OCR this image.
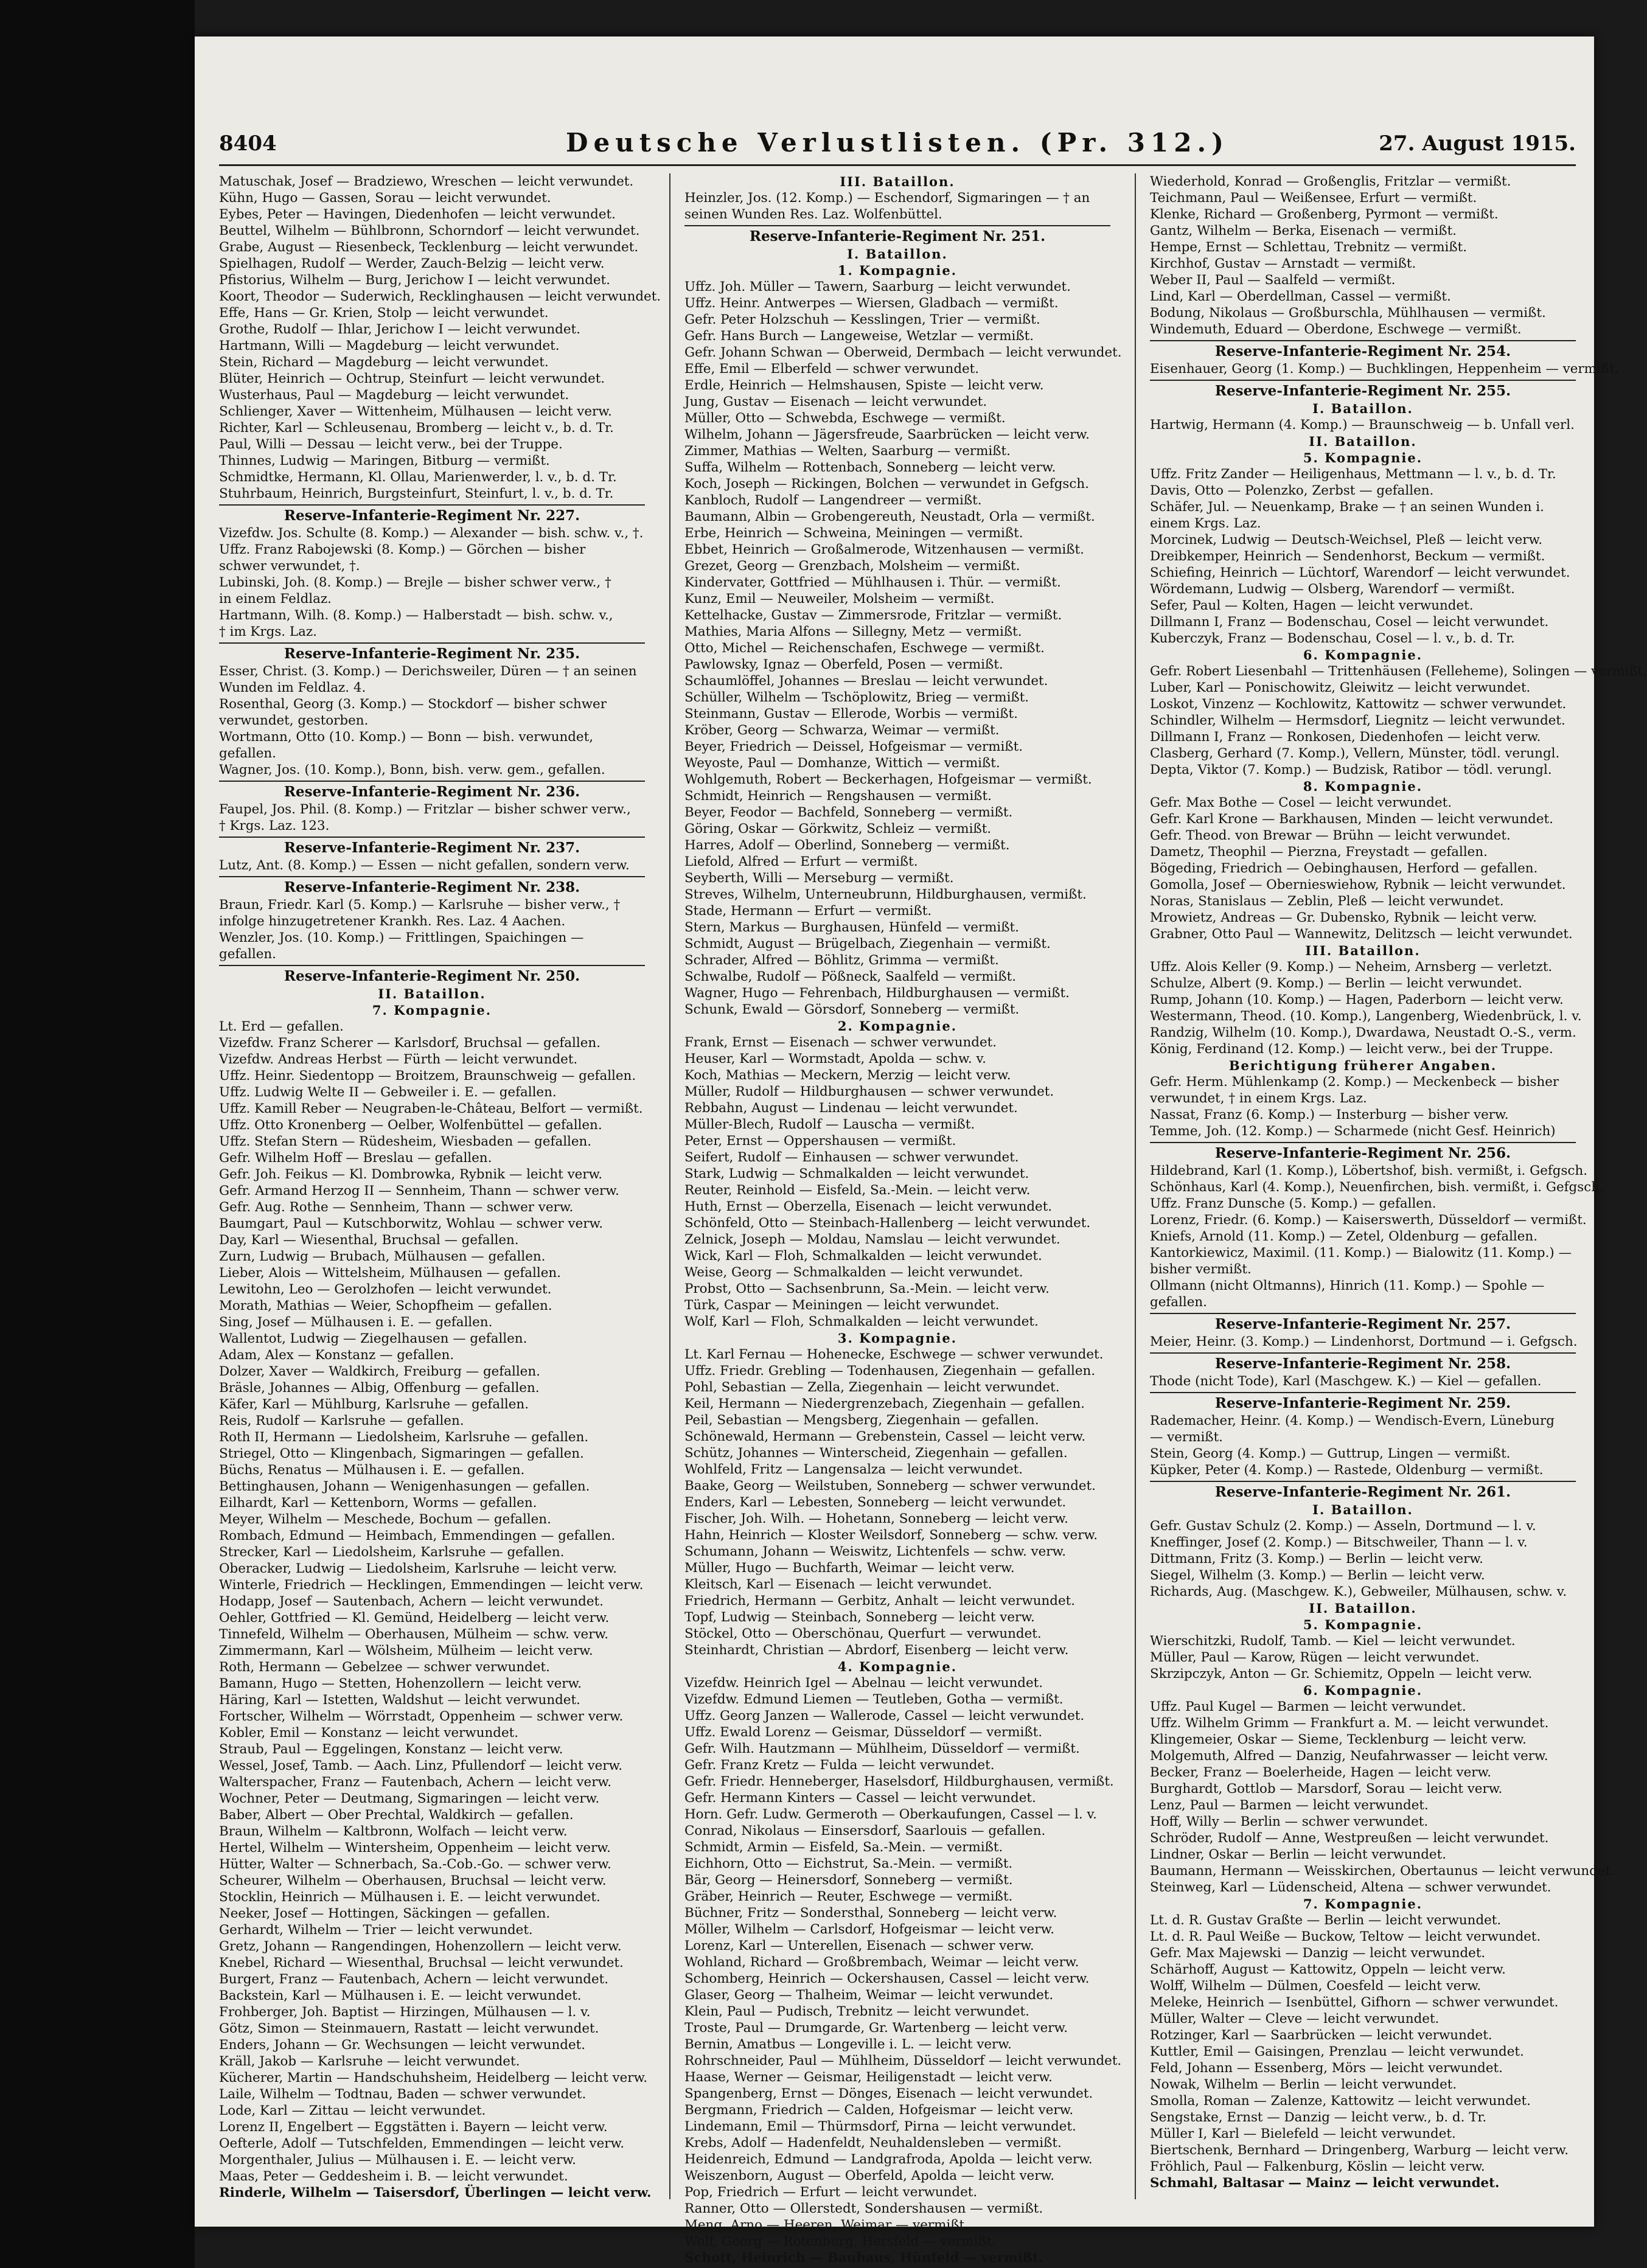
8404	Deutsche Verlustlisten. (Pr. 312.)	27. August 1915.
Matuschak, Josef — Bradziewo, Wreschen — leicht verwundet.
Kühn, Hugo — Gassen, Sorau — leicht verwundet.
Eybes, Peter — Havingen, Diedenhofen — leicht verwundet.
Beuttel, Wilhelm — Bühlbronn, Schorndorf — leicht verwundet.
Grabe, August — Riesenbeck, Tecklenburg — leicht verwundet.
Spielhagen, Rudolf — Werder, Zauch-Belzig — leicht verw.
Pfistorius, Wilhelm — Burg, Jerichow I — leicht verwundet.
Koort, Theodor — Suderwich, Recklinghausen — leicht verwundet.
Effe, Hans — Gr. Krien, Stolp — leicht verwundet.
Grothe, Rudolf — Ihlar, Jerichow I — leicht verwundet.
Hartmann, Willi — Magdeburg — leicht verwundet.
Stein, Richard — Magdeburg — leicht verwundet.
Blüter, Heinrich — Ochtrup, Steinfurt — leicht verwundet.
Wusterhaus, Paul — Magdeburg — leicht verwundet.
Schlienger, Xaver — Wittenheim, Mülhausen — leicht verw.
Richter, Karl — Schleusenau, Bromberg — leicht v., b. d. Tr.
Paul, Willi — Dessau — leicht verw., bei der Truppe.
Thinnes, Ludwig — Maringen, Bitburg — vermißt.
Schmidtke, Hermann, Kl. Ollau, Marienwerder, l. v., b. d. Tr.
Stuhrbaum, Heinrich, Burgsteinfurt, Steinfurt, l. v., b. d. Tr.
Reserve-Infanterie-Regiment Nr. 227.
Vizefdw. Jos. Schulte (8. Komp.) — Alexander — bish. schw. v., †.
Uffz. Franz Rabojewski (8. Komp.) — Görchen — bisher
schwer verwundet, †.
Lubinski, Joh. (8. Komp.) — Brejle — bisher schwer verw., †
in einem Feldlaz.
Hartmann, Wilh. (8. Komp.) — Halberstadt — bish. schw. v.,
† im Krgs. Laz.
Reserve-Infanterie-Regiment Nr. 235.
Esser, Christ. (3. Komp.) — Derichsweiler, Düren — † an seinen
Wunden im Feldlaz. 4.
Rosenthal, Georg (3. Komp.) — Stockdorf — bisher schwer
verwundet, gestorben.
Wortmann, Otto (10. Komp.) — Bonn — bish. verwundet,
gefallen.
Wagner, Jos. (10. Komp.), Bonn, bish. verw. gem., gefallen.
Reserve-Infanterie-Regiment Nr. 236.
Faupel, Jos. Phil. (8. Komp.) — Fritzlar — bisher schwer verw.,
† Krgs. Laz. 123.
Reserve-Infanterie-Regiment Nr. 237.
Lutz, Ant. (8. Komp.) — Essen — nicht gefallen, sondern verw.
Reserve-Infanterie-Regiment Nr. 238.
Braun, Friedr. Karl (5. Komp.) — Karlsruhe — bisher verw., †
infolge hinzugetretener Krankh. Res. Laz. 4 Aachen.
Wenzler, Jos. (10. Komp.) — Frittlingen, Spaichingen —
gefallen.
Reserve-Infanterie-Regiment Nr. 250.
II. Bataillon.
7. Kompagnie.
Lt. Erd — gefallen.
Vizefdw. Franz Scherer — Karlsdorf, Bruchsal — gefallen.
Vizefdw. Andreas Herbst — Fürth — leicht verwundet.
Uffz. Heinr. Siedentopp — Broitzem, Braunschweig — gefallen.
Uffz. Ludwig Welte II — Gebweiler i. E. — gefallen.
Uffz. Kamill Reber — Neugraben-le-Château, Belfort — vermißt.
Uffz. Otto Kronenberg — Oelber, Wolfenbüttel — gefallen.
Uffz. Stefan Stern — Rüdesheim, Wiesbaden — gefallen.
Gefr. Wilhelm Hoff — Breslau — gefallen.
Gefr. Joh. Feikus — Kl. Dombrowka, Rybnik — leicht verw.
Gefr. Armand Herzog II — Sennheim, Thann — schwer verw.
Gefr. Aug. Rothe — Sennheim, Thann — schwer verw.
Baumgart, Paul — Kutschborwitz, Wohlau — schwer verw.
Day, Karl — Wiesenthal, Bruchsal — gefallen.
Zurn, Ludwig — Brubach, Mülhausen — gefallen.
Lieber, Alois — Wittelsheim, Mülhausen — gefallen.
Lewitohn, Leo — Gerolzhofen — leicht verwundet.
Morath, Mathias — Weier, Schopfheim — gefallen.
Sing, Josef — Mülhausen i. E. — gefallen.
Wallentot, Ludwig — Ziegelhausen — gefallen.
Adam, Alex — Konstanz — gefallen.
Dolzer, Xaver — Waldkirch, Freiburg — gefallen.
Bräsle, Johannes — Albig, Offenburg — gefallen.
Käfer, Karl — Mühlburg, Karlsruhe — gefallen.
Reis, Rudolf — Karlsruhe — gefallen.
Roth II, Hermann — Liedolsheim, Karlsruhe — gefallen.
Striegel, Otto — Klingenbach, Sigmaringen — gefallen.
Büchs, Renatus — Mülhausen i. E. — gefallen.
Bettinghausen, Johann — Wenigenhasungen — gefallen.
Eilhardt, Karl — Kettenborn, Worms — gefallen.
Meyer, Wilhelm — Meschede, Bochum — gefallen.
Rombach, Edmund — Heimbach, Emmendingen — gefallen.
Strecker, Karl — Liedolsheim, Karlsruhe — gefallen.
Oberacker, Ludwig — Liedolsheim, Karlsruhe — leicht verw.
Winterle, Friedrich — Hecklingen, Emmendingen — leicht verw.
Hodapp, Josef — Sautenbach, Achern — leicht verwundet.
Oehler, Gottfried — Kl. Gemünd, Heidelberg — leicht verw.
Tinnefeld, Wilhelm — Oberhausen, Mülheim — schw. verw.
Zimmermann, Karl — Wölsheim, Mülheim — leicht verw.
Roth, Hermann — Gebelzee — schwer verwundet.
Bamann, Hugo — Stetten, Hohenzollern — leicht verw.
Häring, Karl — Istetten, Waldshut — leicht verwundet.
Fortscher, Wilhelm — Wörrstadt, Oppenheim — schwer verw.
Kobler, Emil — Konstanz — leicht verwundet.
Straub, Paul — Eggelingen, Konstanz — leicht verw.
Wessel, Josef, Tamb. — Aach. Linz, Pfullendorf — leicht verw.
Walterspacher, Franz — Fautenbach, Achern — leicht verw.
Wochner, Peter — Deutmang, Sigmaringen — leicht verw.
Baber, Albert — Ober Prechtal, Waldkirch — gefallen.
Braun, Wilhelm — Kaltbronn, Wolfach — leicht verw.
Hertel, Wilhelm — Wintersheim, Oppenheim — leicht verw.
Hütter, Walter — Schnerbach, Sa.-Cob.-Go. — schwer verw.
Scheurer, Wilhelm — Oberhausen, Bruchsal — leicht verw.
Stocklin, Heinrich — Mülhausen i. E. — leicht verwundet.
Neeker, Josef — Hottingen, Säckingen — gefallen.
Gerhardt, Wilhelm — Trier — leicht verwundet.
Gretz, Johann — Rangendingen, Hohenzollern — leicht verw.
Knebel, Richard — Wiesenthal, Bruchsal — leicht verwundet.
Burgert, Franz — Fautenbach, Achern — leicht verwundet.
Backstein, Karl — Mülhausen i. E. — leicht verwundet.
Frohberger, Joh. Baptist — Hirzingen, Mülhausen — l. v.
Götz, Simon — Steinmauern, Rastatt — leicht verwundet.
Enders, Johann — Gr. Wechsungen — leicht verwundet.
Kräll, Jakob — Karlsruhe — leicht verwundet.
Kücherer, Martin — Handschuhsheim, Heidelberg — leicht verw.
Laile, Wilhelm — Todtnau, Baden — schwer verwundet.
Lode, Karl — Zittau — leicht verwundet.
Lorenz II, Engelbert — Eggstätten i. Bayern — leicht verw.
Oefterle, Adolf — Tutschfelden, Emmendingen — leicht verw.
Morgenthaler, Julius — Mülhausen i. E. — leicht verw.
Maas, Peter — Geddesheim i. B. — leicht verwundet.
Rinderle, Wilhelm — Taisersdorf, Überlingen — leicht verw.
III. Bataillon.
Heinzler, Jos. (12. Komp.) — Eschendorf, Sigmaringen — † an
seinen Wunden Res. Laz. Wolfenbüttel.
Reserve-Infanterie-Regiment Nr. 251.
I. Bataillon.
1. Kompagnie.
Uffz. Joh. Müller — Tawern, Saarburg — leicht verwundet.
Uffz. Heinr. Antwerpes — Wiersen, Gladbach — vermißt.
Gefr. Peter Holzschuh — Kesslingen, Trier — vermißt.
Gefr. Hans Burch — Langeweise, Wetzlar — vermißt.
Gefr. Johann Schwan — Oberweid, Dermbach — leicht verwundet.
Effe, Emil — Elberfeld — schwer verwundet.
Erdle, Heinrich — Helmshausen, Spiste — leicht verw.
Jung, Gustav — Eisenach — leicht verwundet.
Müller, Otto — Schwebda, Eschwege — vermißt.
Wilhelm, Johann — Jägersfreude, Saarbrücken — leicht verw.
Zimmer, Mathias — Welten, Saarburg — vermißt.
Suffa, Wilhelm — Rottenbach, Sonneberg — leicht verw.
Koch, Joseph — Rickingen, Bolchen — verwundet in Gefgsch.
Kanbloch, Rudolf — Langendreer — vermißt.
Baumann, Albin — Grobengereuth, Neustadt, Orla — vermißt.
Erbe, Heinrich — Schweina, Meiningen — vermißt.
Ebbet, Heinrich — Großalmerode, Witzenhausen — vermißt.
Grezet, Georg — Grenzbach, Molsheim — vermißt.
Kindervater, Gottfried — Mühlhausen i. Thür. — vermißt.
Kunz, Emil — Neuweiler, Molsheim — vermißt.
Kettelhacke, Gustav — Zimmersrode, Fritzlar — vermißt.
Mathies, Maria Alfons — Sillegny, Metz — vermißt.
Otto, Michel — Reichenschafen, Eschwege — vermißt.
Pawlowsky, Ignaz — Oberfeld, Posen — vermißt.
Schaumlöffel, Johannes — Breslau — leicht verwundet.
Schüller, Wilhelm — Tschöplowitz, Brieg — vermißt.
Steinmann, Gustav — Ellerode, Worbis — vermißt.
Kröber, Georg — Schwarza, Weimar — vermißt.
Beyer, Friedrich — Deissel, Hofgeismar — vermißt.
Weyoste, Paul — Domhanze, Wittich — vermißt.
Wohlgemuth, Robert — Beckerhagen, Hofgeismar — vermißt.
Schmidt, Heinrich — Rengshausen — vermißt.
Beyer, Feodor — Bachfeld, Sonneberg — vermißt.
Göring, Oskar — Görkwitz, Schleiz — vermißt.
Harres, Adolf — Oberlind, Sonneberg — vermißt.
Liefold, Alfred — Erfurt — vermißt.
Seyberth, Willi — Merseburg — vermißt.
Streves, Wilhelm, Unterneubrunn, Hildburghausen, vermißt.
Stade, Hermann — Erfurt — vermißt.
Stern, Markus — Burghausen, Hünfeld — vermißt.
Schmidt, August — Brügelbach, Ziegenhain — vermißt.
Schrader, Alfred — Böhlitz, Grimma — vermißt.
Schwalbe, Rudolf — Pößneck, Saalfeld — vermißt.
Wagner, Hugo — Fehrenbach, Hildburghausen — vermißt.
Schunk, Ewald — Görsdorf, Sonneberg — vermißt.
2. Kompagnie.
Frank, Ernst — Eisenach — schwer verwundet.
Heuser, Karl — Wormstadt, Apolda — schw. v.
Koch, Mathias — Meckern, Merzig — leicht verw.
Müller, Rudolf — Hildburghausen — schwer verwundet.
Rebbahn, August — Lindenau — leicht verwundet.
Müller-Blech, Rudolf — Lauscha — vermißt.
Peter, Ernst — Oppershausen — vermißt.
Seifert, Rudolf — Einhausen — schwer verwundet.
Stark, Ludwig — Schmalkalden — leicht verwundet.
Reuter, Reinhold — Eisfeld, Sa.-Mein. — leicht verw.
Huth, Ernst — Oberzella, Eisenach — leicht verwundet.
Schönfeld, Otto — Steinbach-Hallenberg — leicht verwundet.
Zelnick, Joseph — Moldau, Namslau — leicht verwundet.
Wick, Karl — Floh, Schmalkalden — leicht verwundet.
Weise, Georg — Schmalkalden — leicht verwundet.
Probst, Otto — Sachsenbrunn, Sa.-Mein. — leicht verw.
Türk, Caspar — Meiningen — leicht verwundet.
Wolf, Karl — Floh, Schmalkalden — leicht verwundet.
3. Kompagnie.
Lt. Karl Fernau — Hohenecke, Eschwege — schwer verwundet.
Uffz. Friedr. Grebling — Todenhausen, Ziegenhain — gefallen.
Pohl, Sebastian — Zella, Ziegenhain — leicht verwundet.
Keil, Hermann — Niedergrenzebach, Ziegenhain — gefallen.
Peil, Sebastian — Mengsberg, Ziegenhain — gefallen.
Schönewald, Hermann — Grebenstein, Cassel — leicht verw.
Schütz, Johannes — Winterscheid, Ziegenhain — gefallen.
Wohlfeld, Fritz — Langensalza — leicht verwundet.
Baake, Georg — Weilstuben, Sonneberg — schwer verwundet.
Enders, Karl — Lebesten, Sonneberg — leicht verwundet.
Fischer, Joh. Wilh. — Hohetann, Sonneberg — leicht verw.
Hahn, Heinrich — Kloster Weilsdorf, Sonneberg — schw. verw.
Schumann, Johann — Weiswitz, Lichtenfels — schw. verw.
Müller, Hugo — Buchfarth, Weimar — leicht verw.
Kleitsch, Karl — Eisenach — leicht verwundet.
Friedrich, Hermann — Gerbitz, Anhalt — leicht verwundet.
Topf, Ludwig — Steinbach, Sonneberg — leicht verw.
Stöckel, Otto — Oberschönau, Querfurt — verwundet.
Steinhardt, Christian — Abrdorf, Eisenberg — leicht verw.
4. Kompagnie.
Vizefdw. Heinrich Igel — Abelnau — leicht verwundet.
Vizefdw. Edmund Liemen — Teutleben, Gotha — vermißt.
Uffz. Georg Janzen — Wallerode, Cassel — leicht verwundet.
Uffz. Ewald Lorenz — Geismar, Düsseldorf — vermißt.
Gefr. Wilh. Hautzmann — Mühlheim, Düsseldorf — vermißt.
Gefr. Franz Kretz — Fulda — leicht verwundet.
Gefr. Friedr. Henneberger, Haselsdorf, Hildburghausen, vermißt.
Gefr. Hermann Kinters — Cassel — leicht verwundet.
Horn. Gefr. Ludw. Germeroth — Oberkaufungen, Cassel — l. v.
Conrad, Nikolaus — Einsersdorf, Saarlouis — gefallen.
Schmidt, Armin — Eisfeld, Sa.-Mein. — vermißt.
Eichhorn, Otto — Eichstrut, Sa.-Mein. — vermißt.
Bär, Georg — Heinersdorf, Sonneberg — vermißt.
Gräber, Heinrich — Reuter, Eschwege — vermißt.
Büchner, Fritz — Sondersthal, Sonneberg — leicht verw.
Möller, Wilhelm — Carlsdorf, Hofgeismar — leicht verw.
Lorenz, Karl — Unterellen, Eisenach — schwer verw.
Wohland, Richard — Großbrembach, Weimar — leicht verw.
Schomberg, Heinrich — Ockershausen, Cassel — leicht verw.
Glaser, Georg — Thalheim, Weimar — leicht verwundet.
Klein, Paul — Pudisch, Trebnitz — leicht verwundet.
Troste, Paul — Drumgarde, Gr. Wartenberg — leicht verw.
Bernin, Amatbus — Longeville i. L. — leicht verw.
Rohrschneider, Paul — Mühlheim, Düsseldorf — leicht verwundet.
Haase, Werner — Geismar, Heiligenstadt — leicht verw.
Spangenberg, Ernst — Dönges, Eisenach — leicht verwundet.
Bergmann, Friedrich — Calden, Hofgeismar — leicht verw.
Lindemann, Emil — Thürmsdorf, Pirna — leicht verwundet.
Krebs, Adolf — Hadenfeldt, Neuhaldensleben — vermißt.
Heidenreich, Edmund — Landgrafroda, Apolda — leicht verw.
Weiszenborn, August — Oberfeld, Apolda — leicht verw.
Pop, Friedrich — Erfurt — leicht verwundet.
Ranner, Otto — Ollerstedt, Sondershausen — vermißt.
Meng, Arno — Heeren, Weimar — vermißt.
Wolf, Georg — Rotenburg, Hersfeld — vermißt.
Schott, Heinrich — Bauhaus, Hünfeld — vermißt.
Wiederhold, Konrad — Großenglis, Fritzlar — vermißt.
Teichmann, Paul — Weißensee, Erfurt — vermißt.
Klenke, Richard — Großenberg, Pyrmont — vermißt.
Gantz, Wilhelm — Berka, Eisenach — vermißt.
Hempe, Ernst — Schlettau, Trebnitz — vermißt.
Kirchhof, Gustav — Arnstadt — vermißt.
Weber II, Paul — Saalfeld — vermißt.
Lind, Karl — Oberdellman, Cassel — vermißt.
Bodung, Nikolaus — Großburschla, Mühlhausen — vermißt.
Windemuth, Eduard — Oberdone, Eschwege — vermißt.
Reserve-Infanterie-Regiment Nr. 254.
Eisenhauer, Georg (1. Komp.) — Buchklingen, Heppenheim — vermißt.
Reserve-Infanterie-Regiment Nr. 255.
I. Bataillon.
Hartwig, Hermann (4. Komp.) — Braunschweig — b. Unfall verl.
II. Bataillon.
5. Kompagnie.
Uffz. Fritz Zander — Heiligenhaus, Mettmann — l. v., b. d. Tr.
Davis, Otto — Polenzko, Zerbst — gefallen.
Schäfer, Jul. — Neuenkamp, Brake — † an seinen Wunden i.
einem Krgs. Laz.
Morcinek, Ludwig — Deutsch-Weichsel, Pleß — leicht verw.
Dreibkemper, Heinrich — Sendenhorst, Beckum — vermißt.
Schiefing, Heinrich — Lüchtorf, Warendorf — leicht verwundet.
Wördemann, Ludwig — Olsberg, Warendorf — vermißt.
Sefer, Paul — Kolten, Hagen — leicht verwundet.
Dillmann I, Franz — Bodenschau, Cosel — leicht verwundet.
Kuberczyk, Franz — Bodenschau, Cosel — l. v., b. d. Tr.
6. Kompagnie.
Gefr. Robert Liesenbahl — Trittenhäusen (Felleheme), Solingen — vermißt.
Luber, Karl — Ponischowitz, Gleiwitz — leicht verwundet.
Loskot, Vinzenz — Kochlowitz, Kattowitz — schwer verwundet.
Schindler, Wilhelm — Hermsdorf, Liegnitz — leicht verwundet.
Dillmann I, Franz — Ronkosen, Diedenhofen — leicht verw.
Clasberg, Gerhard (7. Komp.), Vellern, Münster, tödl. verungl.
Depta, Viktor (7. Komp.) — Budzisk, Ratibor — tödl. verungl.
8. Kompagnie.
Gefr. Max Bothe — Cosel — leicht verwundet.
Gefr. Karl Krone — Barkhausen, Minden — leicht verwundet.
Gefr. Theod. von Brewar — Brühn — leicht verwundet.
Dametz, Theophil — Pierzna, Freystadt — gefallen.
Bögeding, Friedrich — Oebinghausen, Herford — gefallen.
Gomolla, Josef — Obernieswiehow, Rybnik — leicht verwundet.
Noras, Stanislaus — Zeblin, Pleß — leicht verwundet.
Mrowietz, Andreas — Gr. Dubensko, Rybnik — leicht verw.
Grabner, Otto Paul — Wannewitz, Delitzsch — leicht verwundet.
III. Bataillon.
Uffz. Alois Keller (9. Komp.) — Neheim, Arnsberg — verletzt.
Schulze, Albert (9. Komp.) — Berlin — leicht verwundet.
Rump, Johann (10. Komp.) — Hagen, Paderborn — leicht verw.
Westermann, Theod. (10. Komp.), Langenberg, Wiedenbrück, l. v.
Randzig, Wilhelm (10. Komp.), Dwardawa, Neustadt O.-S., verm.
König, Ferdinand (12. Komp.) — leicht verw., bei der Truppe.
Berichtigung früherer Angaben.
Gefr. Herm. Mühlenkamp (2. Komp.) — Meckenbeck — bisher
verwundet, † in einem Krgs. Laz.
Nassat, Franz (6. Komp.) — Insterburg — bisher verw.
Temme, Joh. (12. Komp.) — Scharmede (nicht Gesf. Heinrich)
Reserve-Infanterie-Regiment Nr. 256.
Hildebrand, Karl (1. Komp.), Löbertshof, bish. vermißt, i. Gefgsch.
Schönhaus, Karl (4. Komp.), Neuenfirchen, bish. vermißt, i. Gefgsch.
Uffz. Franz Dunsche (5. Komp.) — gefallen.
Lorenz, Friedr. (6. Komp.) — Kaiserswerth, Düsseldorf — vermißt.
Kniefs, Arnold (11. Komp.) — Zetel, Oldenburg — gefallen.
Kantorkiewicz, Maximil. (11. Komp.) — Bialowitz (11. Komp.) —
bisher vermißt.
Ollmann (nicht Oltmanns), Hinrich (11. Komp.) — Spohle —
gefallen.
Reserve-Infanterie-Regiment Nr. 257.
Meier, Heinr. (3. Komp.) — Lindenhorst, Dortmund — i. Gefgsch.
Reserve-Infanterie-Regiment Nr. 258.
Thode (nicht Tode), Karl (Maschgew. K.) — Kiel — gefallen.
Reserve-Infanterie-Regiment Nr. 259.
Rademacher, Heinr. (4. Komp.) — Wendisch-Evern, Lüneburg
— vermißt.
Stein, Georg (4. Komp.) — Guttrup, Lingen — vermißt.
Küpker, Peter (4. Komp.) — Rastede, Oldenburg — vermißt.
Reserve-Infanterie-Regiment Nr. 261.
I. Bataillon.
Gefr. Gustav Schulz (2. Komp.) — Asseln, Dortmund — l. v.
Kneffinger, Josef (2. Komp.) — Bitschweiler, Thann — l. v.
Dittmann, Fritz (3. Komp.) — Berlin — leicht verw.
Siegel, Wilhelm (3. Komp.) — Berlin — leicht verw.
Richards, Aug. (Maschgew. K.), Gebweiler, Mülhausen, schw. v.
II. Bataillon.
5. Kompagnie.
Wierschitzki, Rudolf, Tamb. — Kiel — leicht verwundet.
Müller, Paul — Karow, Rügen — leicht verwundet.
Skrzipczyk, Anton — Gr. Schiemitz, Oppeln — leicht verw.
6. Kompagnie.
Uffz. Paul Kugel — Barmen — leicht verwundet.
Uffz. Wilhelm Grimm — Frankfurt a. M. — leicht verwundet.
Klingemeier, Oskar — Sieme, Tecklenburg — leicht verw.
Molgemuth, Alfred — Danzig, Neufahrwasser — leicht verw.
Becker, Franz — Boelerheide, Hagen — leicht verw.
Burghardt, Gottlob — Marsdorf, Sorau — leicht verw.
Lenz, Paul — Barmen — leicht verwundet.
Hoff, Willy — Berlin — schwer verwundet.
Schröder, Rudolf — Anne, Westpreußen — leicht verwundet.
Lindner, Oskar — Berlin — leicht verwundet.
Baumann, Hermann — Weisskirchen, Obertaunus — leicht verwundet.
Steinweg, Karl — Lüdenscheid, Altena — schwer verwundet.
7. Kompagnie.
Lt. d. R. Gustav Graßte — Berlin — leicht verwundet.
Lt. d. R. Paul Weiße — Buckow, Teltow — leicht verwundet.
Gefr. Max Majewski — Danzig — leicht verwundet.
Schärhoff, August — Kattowitz, Oppeln — leicht verw.
Wolff, Wilhelm — Dülmen, Coesfeld — leicht verw.
Meleke, Heinrich — Isenbüttel, Gifhorn — schwer verwundet.
Müller, Walter — Cleve — leicht verwundet.
Rotzinger, Karl — Saarbrücken — leicht verwundet.
Kuttler, Emil — Gaisingen, Prenzlau — leicht verwundet.
Feld, Johann — Essenberg, Mörs — leicht verwundet.
Nowak, Wilhelm — Berlin — leicht verwundet.
Smolla, Roman — Zalenze, Kattowitz — leicht verwundet.
Sengstake, Ernst — Danzig — leicht verw., b. d. Tr.
Müller I, Karl — Bielefeld — leicht verwundet.
Biertschenk, Bernhard — Dringenberg, Warburg — leicht verw.
Fröhlich, Paul — Falkenburg, Köslin — leicht verw.
Schmahl, Baltasar — Mainz — leicht verwundet.
